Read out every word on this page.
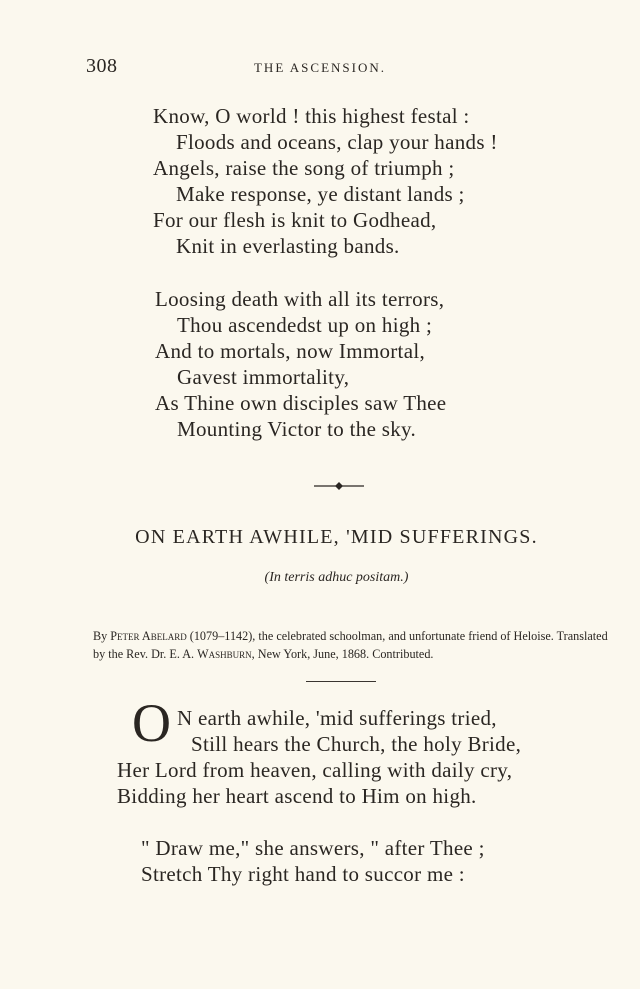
308	THE ASCENSION.
Know, O world ! this highest festal :
Floods and oceans, clap your hands !
Angels, raise the song of triumph ;
Make response, ye distant lands ;
For our flesh is knit to Godhead,
Knit in everlasting bands.
Loosing death with all its terrors,
Thou ascendedst up on high ;
And to mortals, now Immortal,
Gavest immortality,
As Thine own disciples saw Thee
Mounting Victor to the sky.
ON EARTH AWHILE, 'MID SUFFERINGS.
(In terris adhuc positam.)
By Peter Abelard (1079–1142), the celebrated schoolman, and unfortunate friend of Heloise. Translated by the Rev. Dr. E. A. Washburn, New York, June, 1868. Contributed.
O N earth awhile, 'mid sufferings tried,
Still hears the Church, the holy Bride,
Her Lord from heaven, calling with daily cry,
Bidding her heart ascend to Him on high.
" Draw me," she answers, " after Thee ;
Stretch Thy right hand to succor me :
